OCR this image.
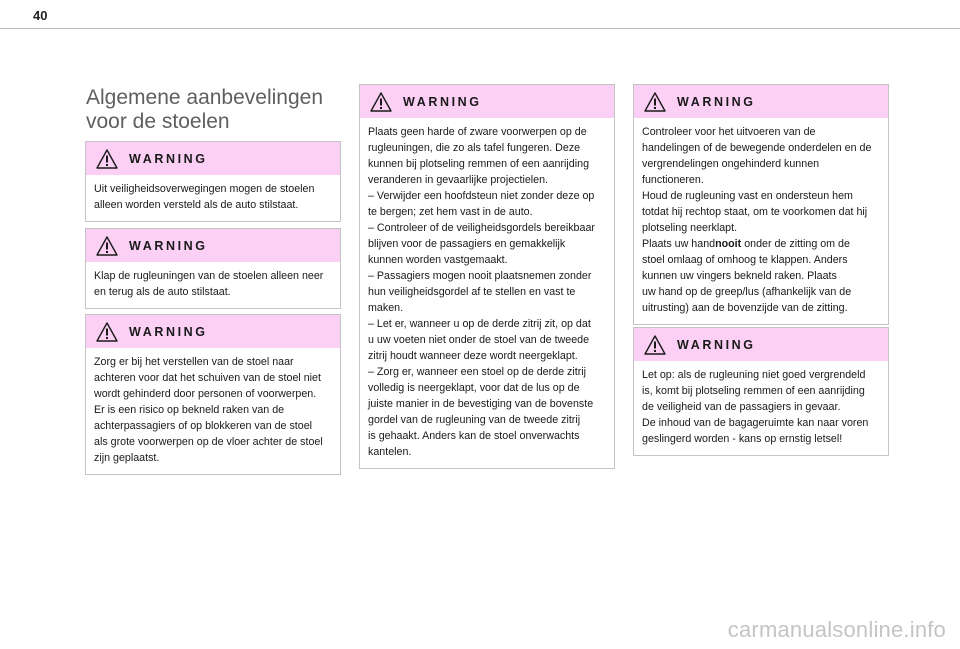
40
Algemene aanbevelingen
voor de stoelen
WARNING

Uit veiligheidsoverwegingen mogen de stoelen

alleen worden versteld als de auto stilstaat.

WARNING

Klap de rugleuningen van de stoelen alleen neer

en terug als de auto stilstaat.

WARNING

Zorg er bij het verstellen van de stoel naar

achteren voor dat het schuiven van de stoel niet

wordt gehinderd door personen of voorwerpen.

Er is een risico op bekneld raken van de

achterpassagiers of op blokkeren van de stoel

als grote voorwerpen op de vloer achter de stoel

zijn geplaatst.

WARNING

Plaats geen harde of zware voorwerpen op de

rugleuningen, die zo als tafel fungeren. Deze

kunnen bij plotseling remmen of een aanrijding

veranderen in gevaarlijke projectielen.

– Verwijder een hoofdsteun niet zonder deze op

te bergen; zet hem vast in de auto.

– Controleer of de veiligheidsgordels bereikbaar

blijven voor de passagiers en gemakkelijk

kunnen worden vastgemaakt.

– Passagiers mogen nooit plaatsnemen zonder

hun veiligheidsgordel af te stellen en vast te

maken.

– Let er, wanneer u op de derde zitrij zit, op dat

u uw voeten niet onder de stoel van de tweede

zitrij houdt wanneer deze wordt neergeklapt.

– Zorg er, wanneer een stoel op de derde zitrij

volledig is neergeklapt, voor dat de lus op de

juiste manier in de bevestiging van de bovenste

gordel van de rugleuning van de tweede zitrij

is gehaakt. Anders kan de stoel onverwachts

kantelen.

WARNING

Controleer voor het uitvoeren van de

handelingen of de bewegende onderdelen en de

vergrendelingen ongehinderd kunnen

functioneren.

Houd de rugleuning vast en ondersteun hem

totdat hij rechtop staat, om te voorkomen dat hij

plotseling neerklapt.

Plaats uw handnooit onder de zitting om de

stoel omlaag of omhoog te klappen. Anders

kunnen uw vingers bekneld raken. Plaats

uw hand op de greep/lus (afhankelijk van de

uitrusting) aan de bovenzijde van de zitting.

WARNING

Let op: als de rugleuning niet goed vergrendeld

is, komt bij plotseling remmen of een aanrijding

de veiligheid van de passagiers in gevaar.

De inhoud van de bagageruimte kan naar voren

geslingerd worden - kans op ernstig letsel!

carmanualsonline.info
